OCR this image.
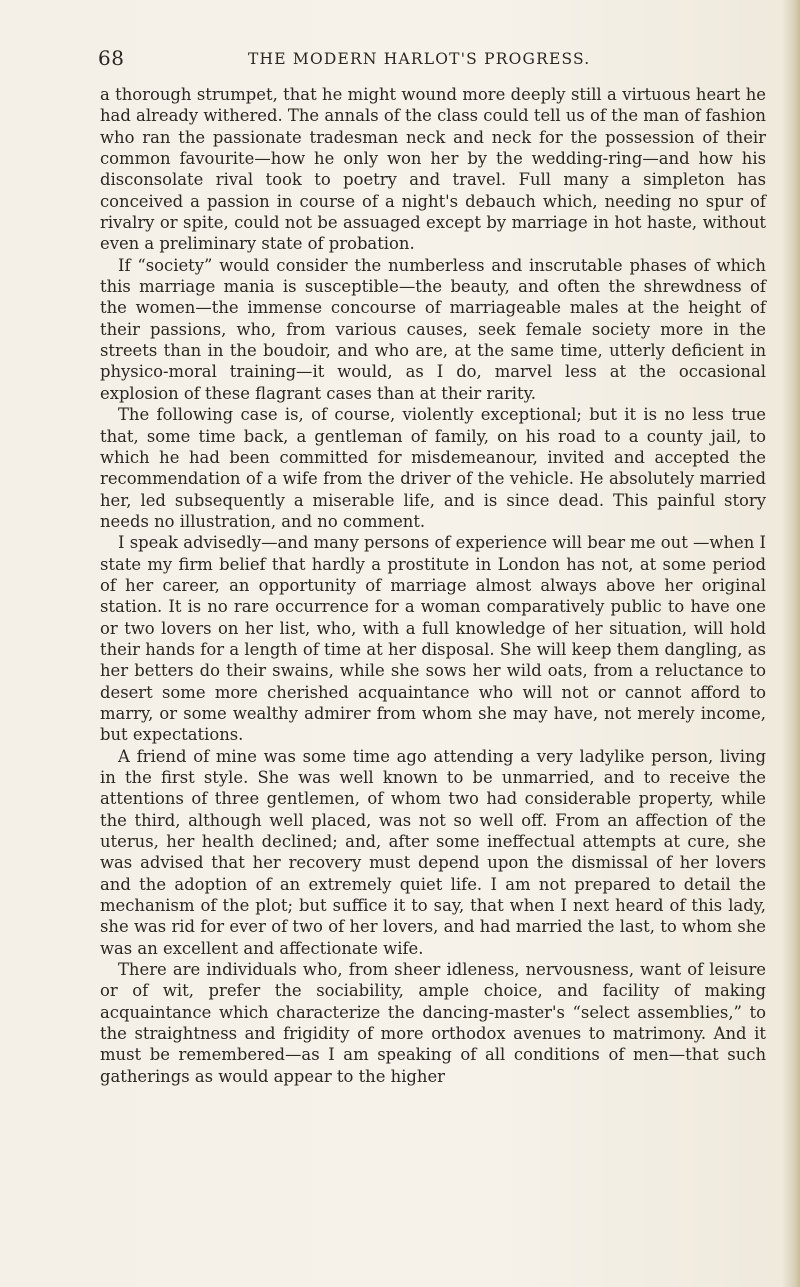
68	THE MODERN HARLOT'S PROGRESS.

a thorough strumpet, that he might wound more deeply still a virtuous heart he had already withered. The annals of the class could tell us of the man of fashion who ran the passionate tradesman neck and neck for the possession of their common favourite—how he only won her by the wedding-ring—and how his disconsolate rival took to poetry and travel. Full many a simpleton has conceived a passion in course of a night's debauch which, needing no spur of rivalry or spite, could not be assuaged except by marriage in hot haste, without even a preliminary state of probation.

If “society” would consider the numberless and inscrutable phases of which this marriage mania is susceptible—the beauty, and often the shrewdness of the women—the immense concourse of marriageable males at the height of their passions, who, from various causes, seek female society more in the streets than in the boudoir, and who are, at the same time, utterly deficient in physico-moral training—it would, as I do, marvel less at the occasional explosion of these flagrant cases than at their rarity.

The following case is, of course, violently exceptional; but it is no less true that, some time back, a gentleman of family, on his road to a county jail, to which he had been committed for misdemeanour, invited and accepted the recommendation of a wife from the driver of the vehicle. He absolutely married her, led subsequently a miserable life, and is since dead. This painful story needs no illustration, and no comment.

I speak advisedly—and many persons of experience will bear me out —when I state my firm belief that hardly a prostitute in London has not, at some period of her career, an opportunity of marriage almost always above her original station. It is no rare occurrence for a woman comparatively public to have one or two lovers on her list, who, with a full knowledge of her situation, will hold their hands for a length of time at her disposal. She will keep them dangling, as her betters do their swains, while she sows her wild oats, from a reluctance to desert some more cherished acquaintance who will not or cannot afford to marry, or some wealthy admirer from whom she may have, not merely income, but expectations.

A friend of mine was some time ago attending a very ladylike person, living in the first style. She was well known to be unmarried, and to receive the attentions of three gentlemen, of whom two had considerable property, while the third, although well placed, was not so well off. From an affection of the uterus, her health declined; and, after some ineffectual attempts at cure, she was advised that her recovery must depend upon the dismissal of her lovers and the adoption of an extremely quiet life. I am not prepared to detail the mechanism of the plot; but suffice it to say, that when I next heard of this lady, she was rid for ever of two of her lovers, and had married the last, to whom she was an excellent and affectionate wife.

There are individuals who, from sheer idleness, nervousness, want of leisure or of wit, prefer the sociability, ample choice, and facility of making acquaintance which characterize the dancing-master's “select assemblies,” to the straightness and frigidity of more orthodox avenues to matrimony. And it must be remembered—as I am speaking of all conditions of men—that such gatherings as would appear to the higher
